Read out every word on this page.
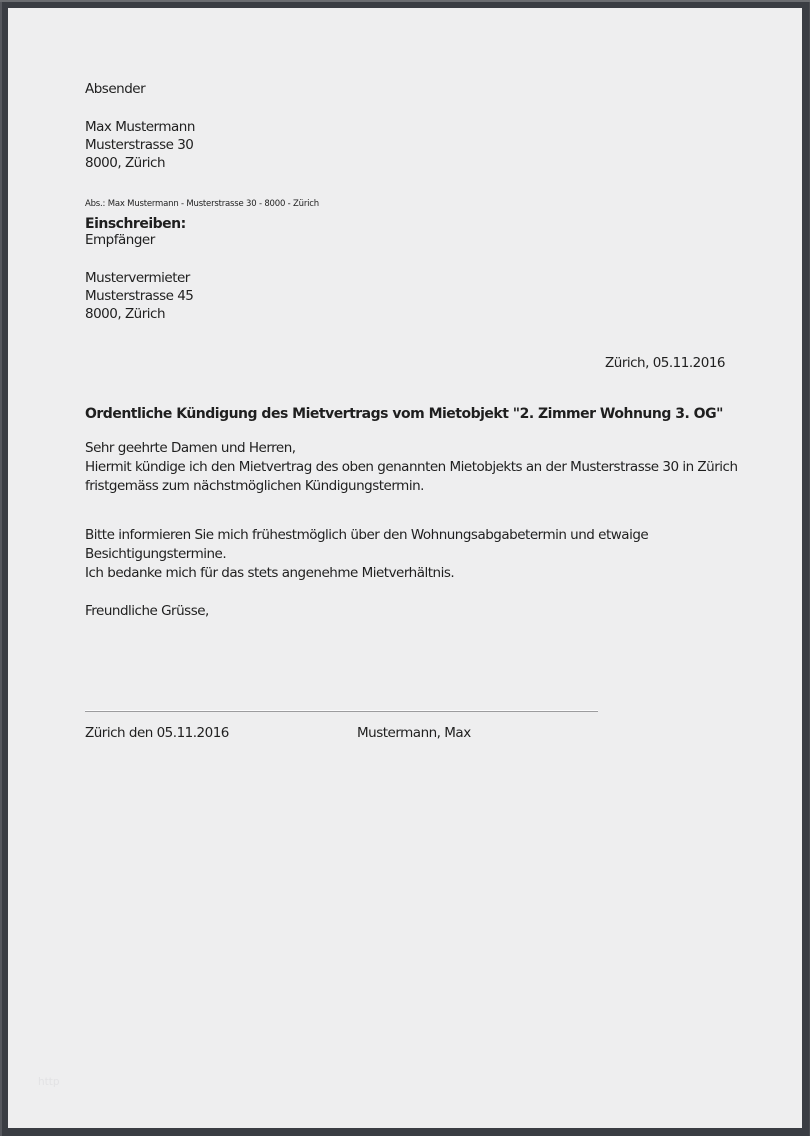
Absender
Max Mustermann
Musterstrasse 30
8000, Zürich
Abs.: Max Mustermann - Musterstrasse 30 - 8000 - Zürich
Einschreiben:
Empfänger
Mustervermieter
Musterstrasse 45
8000, Zürich
Zürich, 05.11.2016
Ordentliche Kündigung des Mietvertrags vom Mietobjekt "2. Zimmer Wohnung 3. OG"
Sehr geehrte Damen und Herren,
Hiermit kündige ich den Mietvertrag des oben genannten Mietobjekts an der Musterstrasse 30 in Zürich
fristgemäss zum nächstmöglichen Kündigungstermin.
Bitte informieren Sie mich frühestmöglich über den Wohnungsabgabetermin und etwaige
Besichtigungstermine.
Ich bedanke mich für das stets angenehme Mietverhältnis.
Freundliche Grüsse,
Zürich den 05.11.2016	Mustermann, Max
http
